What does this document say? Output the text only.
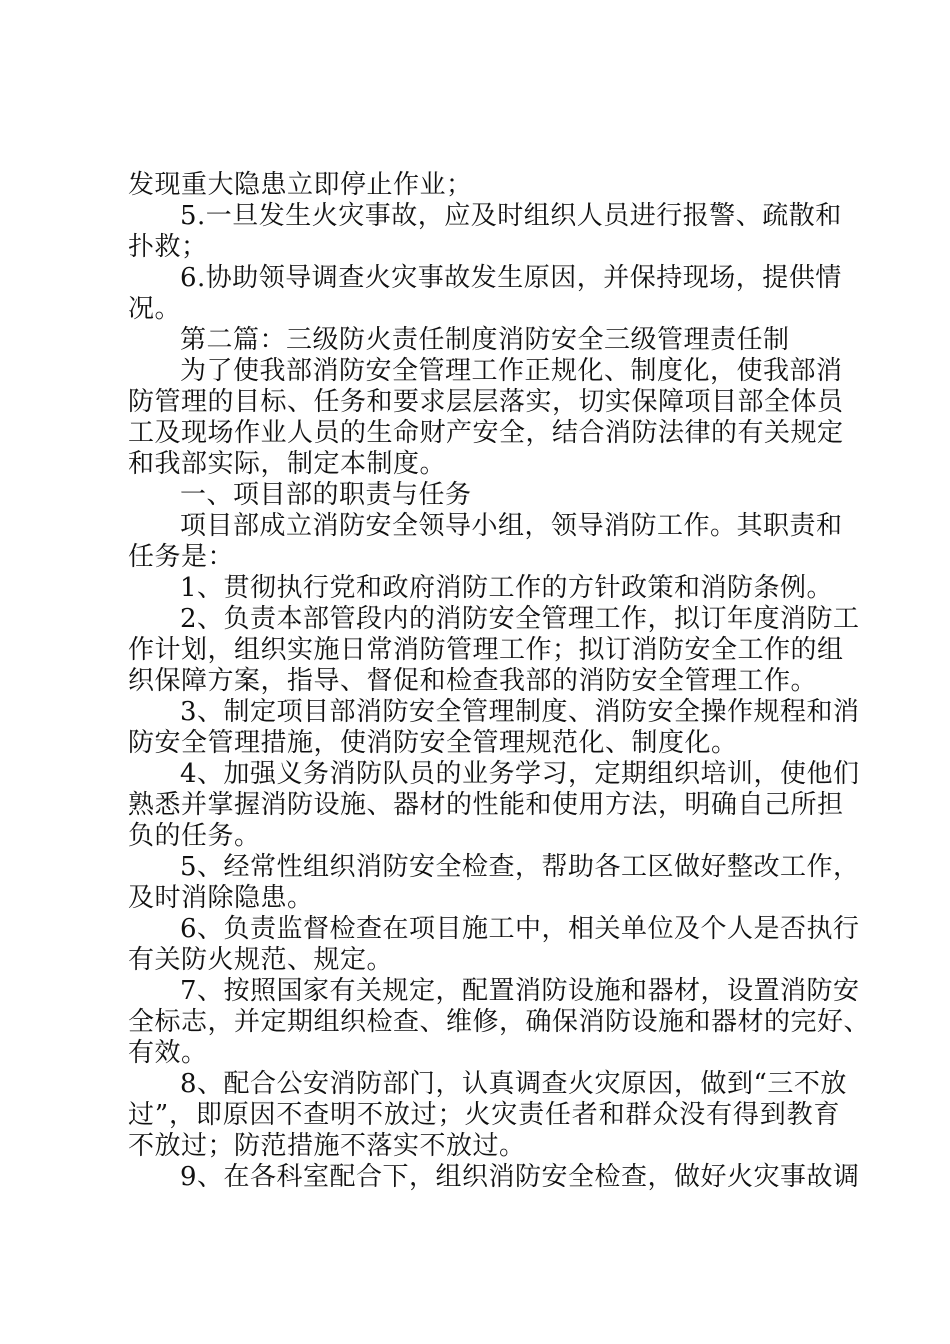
发现重大隐患立即停止作业；
5.一旦发生火灾事故，应及时组织人员进行报警、疏散和
扑救；
6.协助领导调查火灾事故发生原因，并保持现场，提供情
况。
第二篇：三级防火责任制度消防安全三级管理责任制
为了使我部消防安全管理工作正规化、制度化，使我部消
防管理的目标、任务和要求层层落实，切实保障项目部全体员
工及现场作业人员的生命财产安全，结合消防法律的有关规定
和我部实际，制定本制度。
一、项目部的职责与任务
项目部成立消防安全领导小组，领导消防工作。其职责和
任务是：
1、贯彻执行党和政府消防工作的方针政策和消防条例。
2、负责本部管段内的消防安全管理工作，拟订年度消防工
作计划，组织实施日常消防管理工作；拟订消防安全工作的组
织保障方案，指导、督促和检查我部的消防安全管理工作。
3、制定项目部消防安全管理制度、消防安全操作规程和消
防安全管理措施，使消防安全管理规范化、制度化。
4、加强义务消防队员的业务学习，定期组织培训，使他们
熟悉并掌握消防设施、器材的性能和使用方法，明确自己所担
负的任务。
5、经常性组织消防安全检查，帮助各工区做好整改工作，
及时消除隐患。
6、负责监督检查在项目施工中，相关单位及个人是否执行
有关防火规范、规定。
7、按照国家有关规定，配置消防设施和器材，设置消防安
全标志，并定期组织检查、维修，确保消防设施和器材的完好、
有效。
8、配合公安消防部门，认真调查火灾原因，做到“三不放
过”，即原因不查明不放过；火灾责任者和群众没有得到教育
不放过；防范措施不落实不放过。
9、在各科室配合下，组织消防安全检查，做好火灾事故调
